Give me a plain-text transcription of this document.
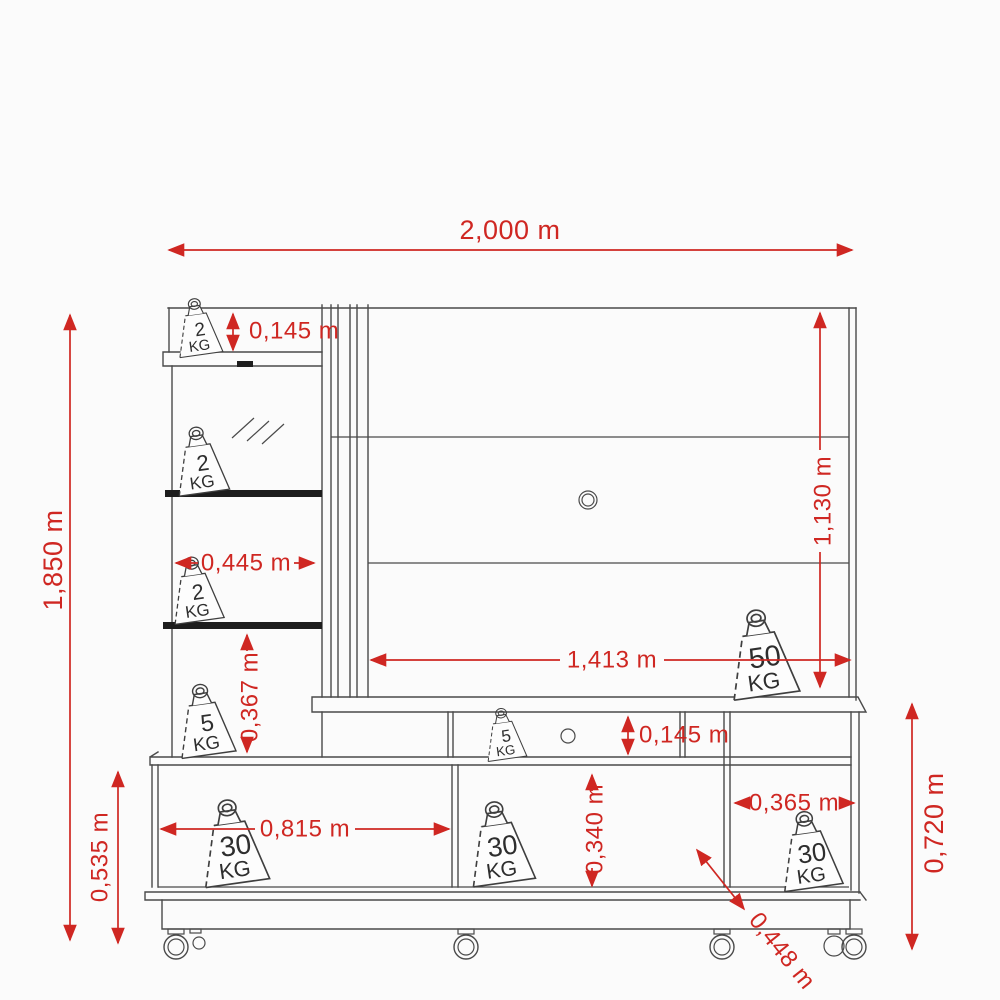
2
KG
2
KG
2
KG
5
KG
50
KG
5
KG
30
KG
30
KG
30
KG
2,000 m
1,850 m
0,535 m
0,145 m
0,445 m
0,367 m
1,130 m
1,413 m
0,145 m
0,815 m	0,340 m	0,365 m	0,720 m
0,448 m
